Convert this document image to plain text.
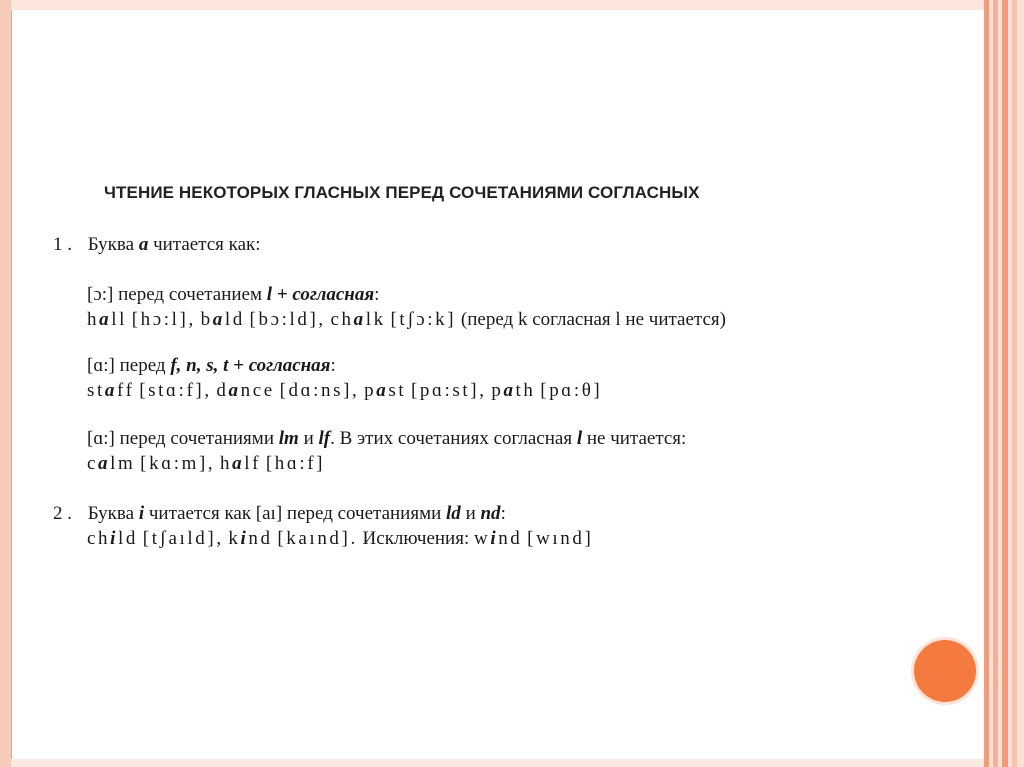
ЧТЕНИЕ НЕКОТОРЫХ ГЛАСНЫХ ПЕРЕД СОЧЕТАНИЯМИ СОГЛАСНЫХ
1 . Буква a читается как:
[ɔ:] перед сочетанием l + согласная:
hall [hɔ:l], bald [bɔ:ld], chalk [tʃɔ:k] (перед k согласная l не читается)
[ɑ:] перед f, n, s, t + согласная:
staff [stɑ:f], dance [dɑ:ns], past [pɑ:st], path [pɑ:θ]
[ɑ:] перед сочетаниями lm и lf. В этих сочетаниях согласная l не читается:
calm [kɑ:m], half [hɑ:f]
2 . Буква i читается как [aı] перед сочетаниями ld и nd:
child [tʃaıld], kind [kaınd]. Исключения: wind [wınd]
